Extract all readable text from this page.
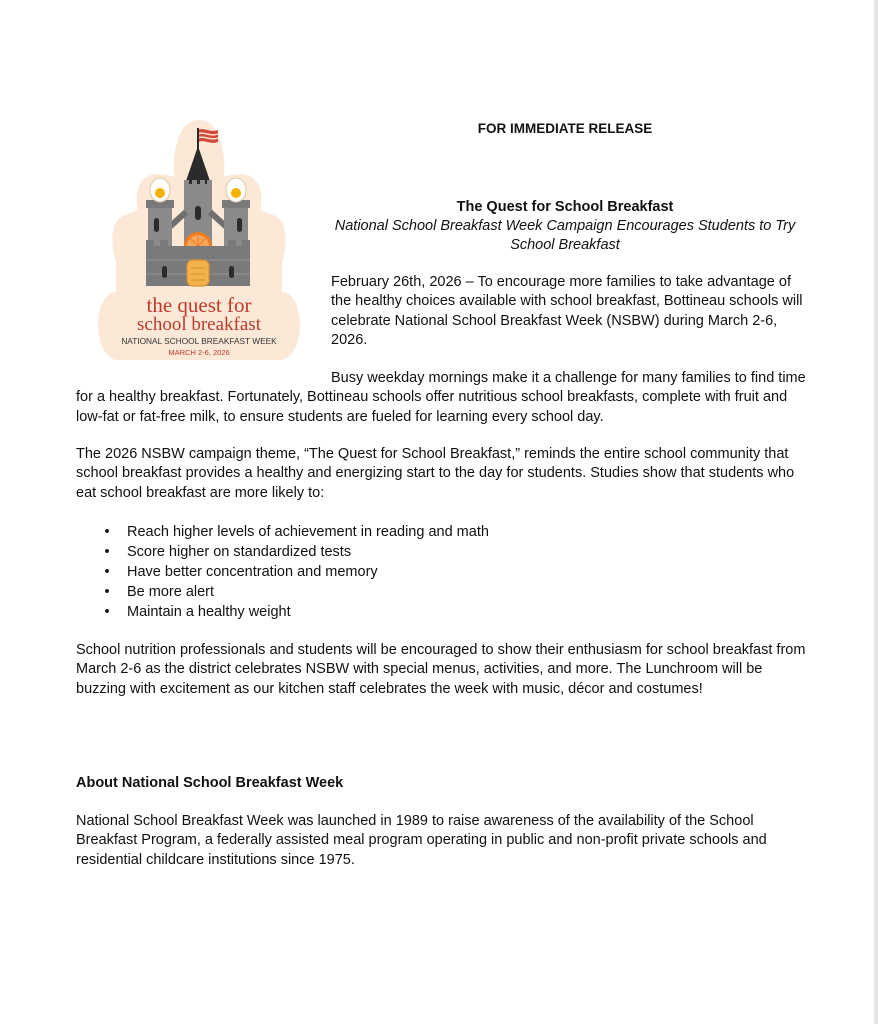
the quest for
school breakfast
NATIONAL SCHOOL BREAKFAST WEEK
MARCH 2-6, 2026
FOR IMMEDIATE RELEASE
The Quest for School Breakfast
National School Breakfast Week Campaign Encourages Students to Try School Breakfast

February 26th, 2026 – To encourage more families to take advantage of the healthy choices available with school breakfast, Bottineau schools will celebrate National School Breakfast Week (NSBW) during March 2-6, 2026.

Busy weekday mornings make it a challenge for many families to find time for a healthy breakfast. Fortunately, Bottineau schools offer nutritious school breakfasts, complete with fruit and low-fat or fat-free milk, to ensure students are fueled for learning every school day.

The 2026 NSBW campaign theme, “The Quest for School Breakfast,” reminds the entire school community that school breakfast provides a healthy and energizing start to the day for students. Studies show that students who eat school breakfast are more likely to:

• Reach higher levels of achievement in reading and math
• Score higher on standardized tests
• Have better concentration and memory
• Be more alert
• Maintain a healthy weight

School nutrition professionals and students will be encouraged to show their enthusiasm for school breakfast from March 2-6 as the district celebrates NSBW with special menus, activities, and more. The Lunchroom will be buzzing with excitement as our kitchen staff celebrates the week with music, décor and costumes!

About National School Breakfast Week

National School Breakfast Week was launched in 1989 to raise awareness of the availability of the School Breakfast Program, a federally assisted meal program operating in public and non-profit private schools and residential childcare institutions since 1975.
